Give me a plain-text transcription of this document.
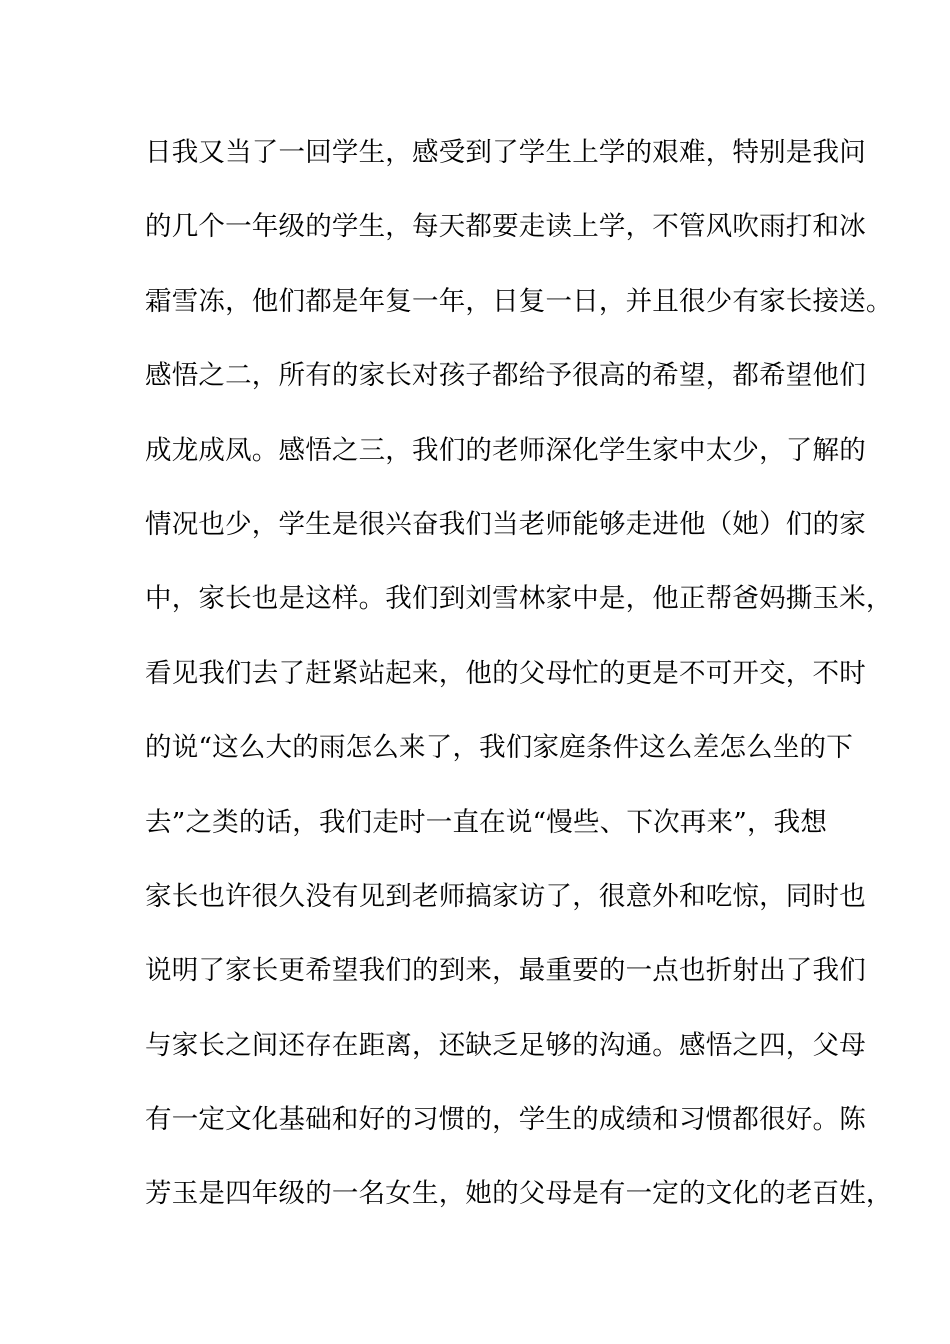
日我又当了一回学生，感受到了学生上学的艰难，特别是我问
的几个一年级的学生，每天都要走读上学，不管风吹雨打和冰
霜雪冻，他们都是年复一年，日复一日，并且很少有家长接送。
感悟之二，所有的家长对孩子都给予很高的希望，都希望他们
成龙成凤。感悟之三，我们的老师深化学生家中太少，了解的
情况也少，学生是很兴奋我们当老师能够走进他（她）们的家
中，家长也是这样。我们到刘雪林家中是，他正帮爸妈撕玉米，
看见我们去了赶紧站起来，他的父母忙的更是不可开交，不时
的说“这么大的雨怎么来了，我们家庭条件这么差怎么坐的下
去”之类的话，我们走时一直在说“慢些、下次再来”，我想
家长也许很久没有见到老师搞家访了，很意外和吃惊，同时也
说明了家长更希望我们的到来，最重要的一点也折射出了我们
与家长之间还存在距离，还缺乏足够的沟通。感悟之四，父母
有一定文化基础和好的习惯的，学生的成绩和习惯都很好。陈
芳玉是四年级的一名女生，她的父母是有一定的文化的老百姓，
